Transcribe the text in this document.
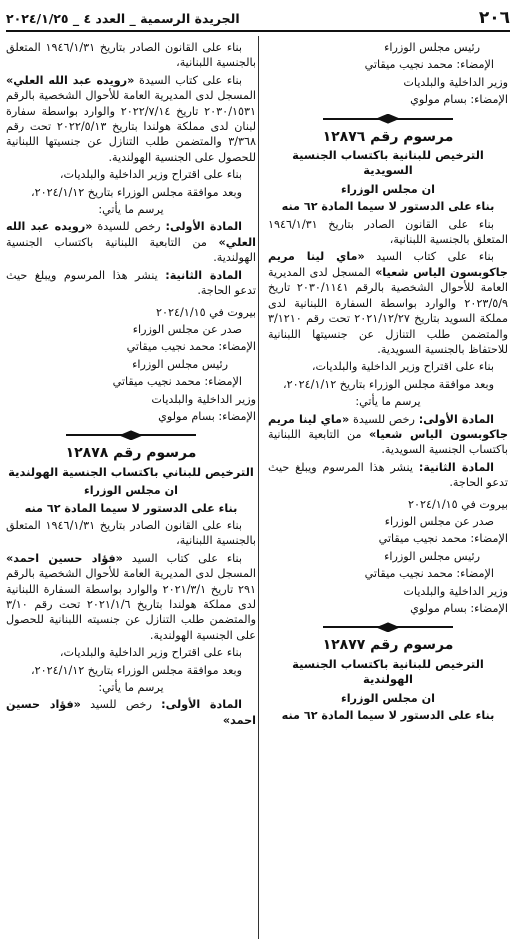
٢٠٦
الجريدة الرسمية _ العدد ٤ _ ٢٠٢٤/١/٢٥

رئيس مجلس الوزراء

الإمضاء: محمد نجيب ميقاتي

وزير الداخلية والبلديات

الإمضاء: بسام مولوي

مرسوم رقم ١٢٨٧٦
الترخيص للبنانية باكتساب الجنسية السويدية

ان مجلس الوزراء

بناء على الدستور لا سيما المادة ٦٢ منه

بناء على القانون الصادر بتاريخ ١٩٤٦/١/٣١ المتعلق بالجنسية اللبنانية،

بناء على كتاب السيد «ماي لينا مريم جاكوبسون الياس شعيا» المسجل لدى المديرية العامة للأحوال الشخصية بالرقم ٢٠٣٠/١١٤١ تاريخ ٢٠٢٣/٥/٩ والوارد بواسطة السفارة اللبنانية لدى مملكة السويد بتاريخ ٢٠٢١/١٢/٢٧ تحت رقم ٣/١٢١٠ والمتضمن طلب التنازل عن جنسيتها اللبنانية للاحتفاظ بالجنسية السويدية.

بناء على اقتراح وزير الداخلية والبلديات،

وبعد موافقة مجلس الوزراء بتاريخ ٢٠٢٤/١/١٢،

يرسم ما يأتي:

المادة الأولى: رخص للسيدة «ماي لينا مريم جاكوبسون الياس شعيا» من التابعية اللبنانية باكتساب الجنسية السويدية.

المادة الثانية: ينشر هذا المرسوم ويبلغ حيث تدعو الحاجة.

بيروت في ٢٠٢٤/١/١٥

صدر عن مجلس الوزراء

الإمضاء: محمد نجيب ميقاتي

رئيس مجلس الوزراء

الإمضاء: محمد نجيب ميقاتي

وزير الداخلية والبلديات

الإمضاء: بسام مولوي

مرسوم رقم ١٢٨٧٧
الترخيص للبنانية باكتساب الجنسية الهولندية

ان مجلس الوزراء

بناء على الدستور لا سيما المادة ٦٢ منه

بناء على القانون الصادر بتاريخ ١٩٤٦/١/٣١ المتعلق بالجنسية اللبنانية،

بناء على كتاب السيدة «رويده عبد الله العلي» المسجل لدى المديرية العامة للأحوال الشخصية بالرقم ٢٠٣٠/١٥٣١ تاريخ ٢٠٢٢/٧/١٤ والوارد بواسطة سفارة لبنان لدى مملكة هولندا بتاريخ ٢٠٢٢/٥/١٣ تحت رقم ٣/٣٦٨ والمتضمن طلب التنازل عن جنسيتها اللبنانية للحصول على الجنسية الهولندية.

بناء على اقتراح وزير الداخلية والبلديات،

وبعد موافقة مجلس الوزراء بتاريخ ٢٠٢٤/١/١٢،

يرسم ما يأتي:

المادة الأولى: رخص للسيدة «رويده عبد الله العلي» من التابعية اللبنانية باكتساب الجنسية الهولندية.

المادة الثانية: ينشر هذا المرسوم ويبلغ حيث تدعو الحاجة.

بيروت في ٢٠٢٤/١/١٥

صدر عن مجلس الوزراء

الإمضاء: محمد نجيب ميقاتي

رئيس مجلس الوزراء

الإمضاء: محمد نجيب ميقاتي

وزير الداخلية والبلديات

الإمضاء: بسام مولوي

مرسوم رقم ١٢٨٧٨
الترخيص للبناني باكتساب الجنسية الهولندية

ان مجلس الوزراء

بناء على الدستور لا سيما المادة ٦٢ منه

بناء على القانون الصادر بتاريخ ١٩٤٦/١/٣١ المتعلق بالجنسية اللبنانية،

بناء على كتاب السيد «فؤاد حسين احمد» المسجل لدى المديرية العامة للأحوال الشخصية بالرقم ٢٩١ تاريخ ٢٠٢١/٣/١ والوارد بواسطة السفارة اللبنانية لدى مملكة هولندا بتاريخ ٢٠٢١/١/٦ تحت رقم ٣/١٠ والمتضمن طلب التنازل عن جنسيته اللبنانية للحصول على الجنسية الهولندية.

بناء على اقتراح وزير الداخلية والبلديات،

وبعد موافقة مجلس الوزراء بتاريخ ٢٠٢٤/١/١٢،

يرسم ما يأتي:

المادة الأولى: رخص للسيد «فؤاد حسين احمد»
